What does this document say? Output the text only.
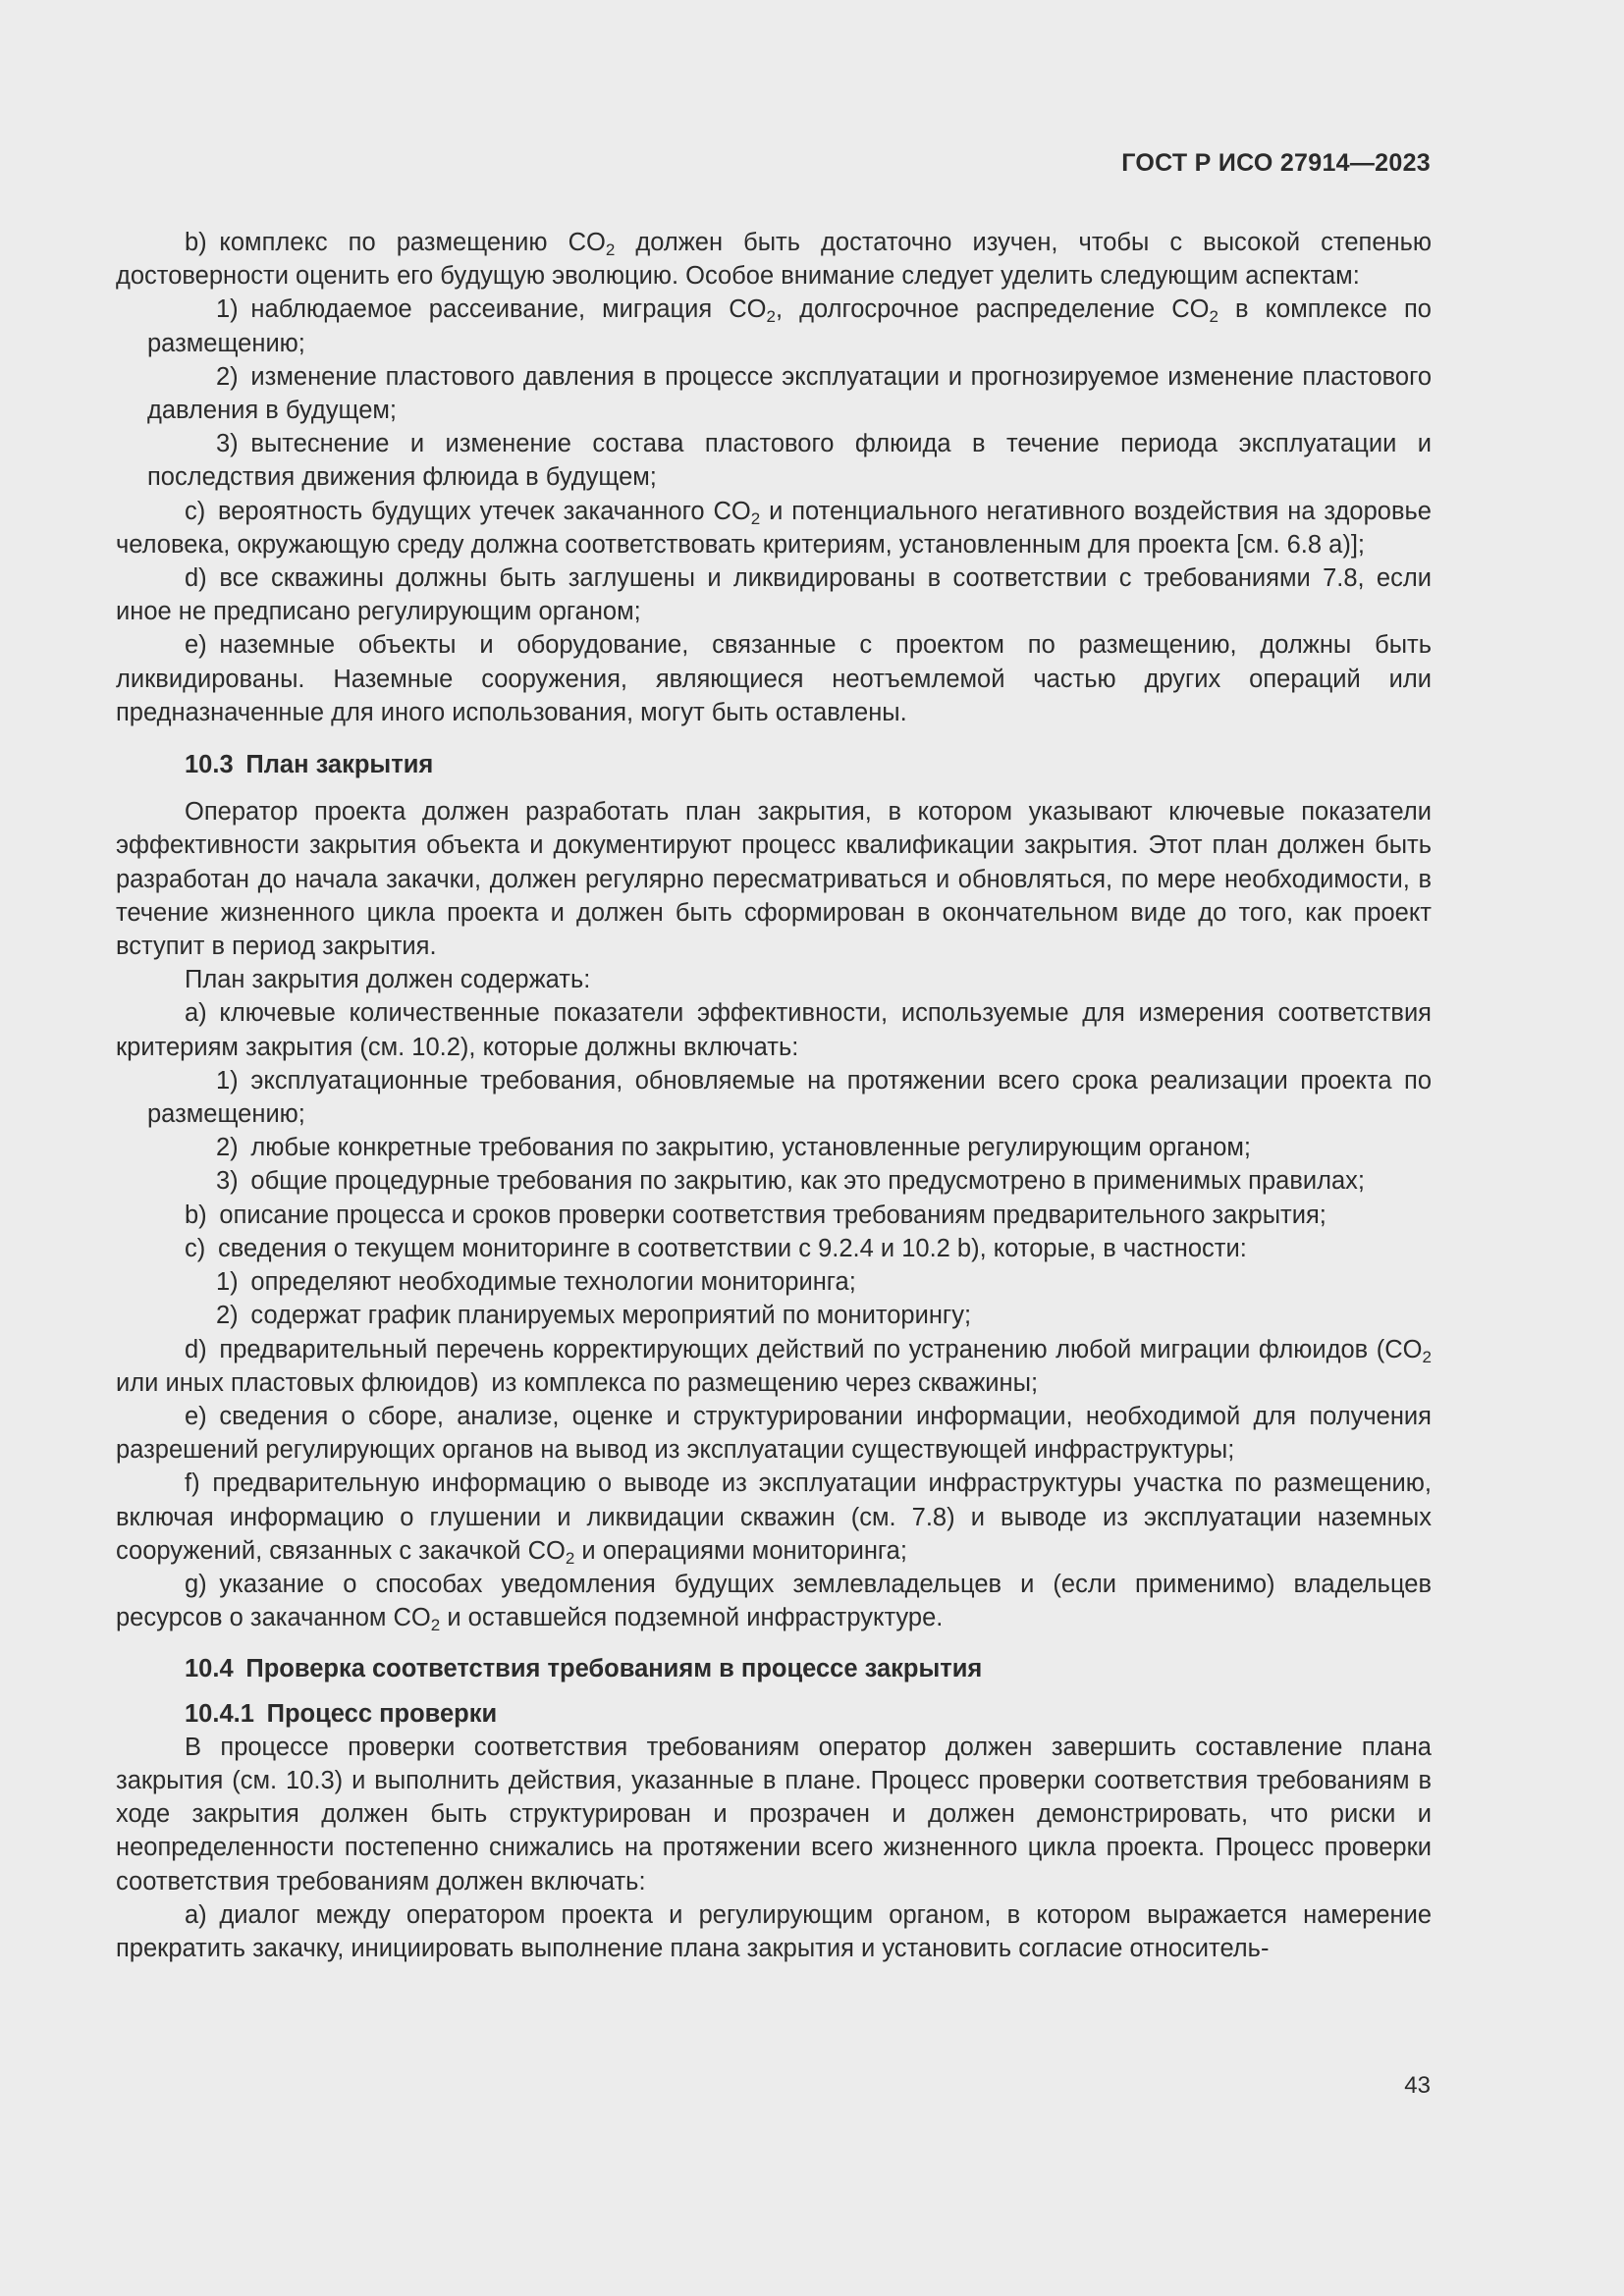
ГОСТ Р ИСО 27914—2023

b) комплекс по размещению $CO_2$ должен быть достаточно изучен, чтобы с высокой степенью достоверности оценить его будущую эволюцию. Особое внимание следует уделить следующим аспектам:

1) наблюдаемое рассеивание, миграция $CO_2$, долгосрочное распределение $CO_2$ в комплексе по размещению;

2) изменение пластового давления в процессе эксплуатации и прогнозируемое изменение пластового давления в будущем;

3) вытеснение и изменение состава пластового флюида в течение периода эксплуатации и последствия движения флюида в будущем;

c) вероятность будущих утечек закачанного $CO_2$ и потенциального негативного воздействия на здоровье человека, окружающую среду должна соответствовать критериям, установленным для проекта [см. 6.8 a)];

d) все скважины должны быть заглушены и ликвидированы в соответствии с требованиями 7.8, если иное не предписано регулирующим органом;

e) наземные объекты и оборудование, связанные с проектом по размещению, должны быть ликвидированы. Наземные сооружения, являющиеся неотъемлемой частью других операций или предназначенные для иного использования, могут быть оставлены.

10.3 План закрытия

Оператор проекта должен разработать план закрытия, в котором указывают ключевые показатели эффективности закрытия объекта и документируют процесс квалификации закрытия. Этот план должен быть разработан до начала закачки, должен регулярно пересматриваться и обновляться, по мере необходимости, в течение жизненного цикла проекта и должен быть сформирован в окончательном виде до того, как проект вступит в период закрытия.

План закрытия должен содержать:

a) ключевые количественные показатели эффективности, используемые для измерения соответствия критериям закрытия (см. 10.2), которые должны включать:

1) эксплуатационные требования, обновляемые на протяжении всего срока реализации проекта по размещению;

2) любые конкретные требования по закрытию, установленные регулирующим органом;

3) общие процедурные требования по закрытию, как это предусмотрено в применимых правилах;

b) описание процесса и сроков проверки соответствия требованиям предварительного закрытия;

c) сведения о текущем мониторинге в соответствии с 9.2.4 и 10.2 b), которые, в частности:

1) определяют необходимые технологии мониторинга;

2) содержат график планируемых мероприятий по мониторингу;

d) предварительный перечень корректирующих действий по устранению любой миграции флюидов ($CO_2$ или иных пластовых флюидов) из комплекса по размещению через скважины;

e) сведения о сборе, анализе, оценке и структурировании информации, необходимой для получения разрешений регулирующих органов на вывод из эксплуатации существующей инфраструктуры;

f) предварительную информацию о выводе из эксплуатации инфраструктуры участка по размещению, включая информацию о глушении и ликвидации скважин (см. 7.8) и выводе из эксплуатации наземных сооружений, связанных с закачкой $CO_2$ и операциями мониторинга;

g) указание о способах уведомления будущих землевладельцев и (если применимо) владельцев ресурсов о закачанном $CO_2$ и оставшейся подземной инфраструктуре.

10.4 Проверка соответствия требованиям в процессе закрытия

10.4.1 Процесс проверки

В процессе проверки соответствия требованиям оператор должен завершить составление плана закрытия (см. 10.3) и выполнить действия, указанные в плане. Процесс проверки соответствия требованиям в ходе закрытия должен быть структурирован и прозрачен и должен демонстрировать, что риски и неопределенности постепенно снижались на протяжении всего жизненного цикла проекта. Процесс проверки соответствия требованиям должен включать:

a) диалог между оператором проекта и регулирующим органом, в котором выражается намерение прекратить закачку, инициировать выполнение плана закрытия и установить согласие относитель-

43
